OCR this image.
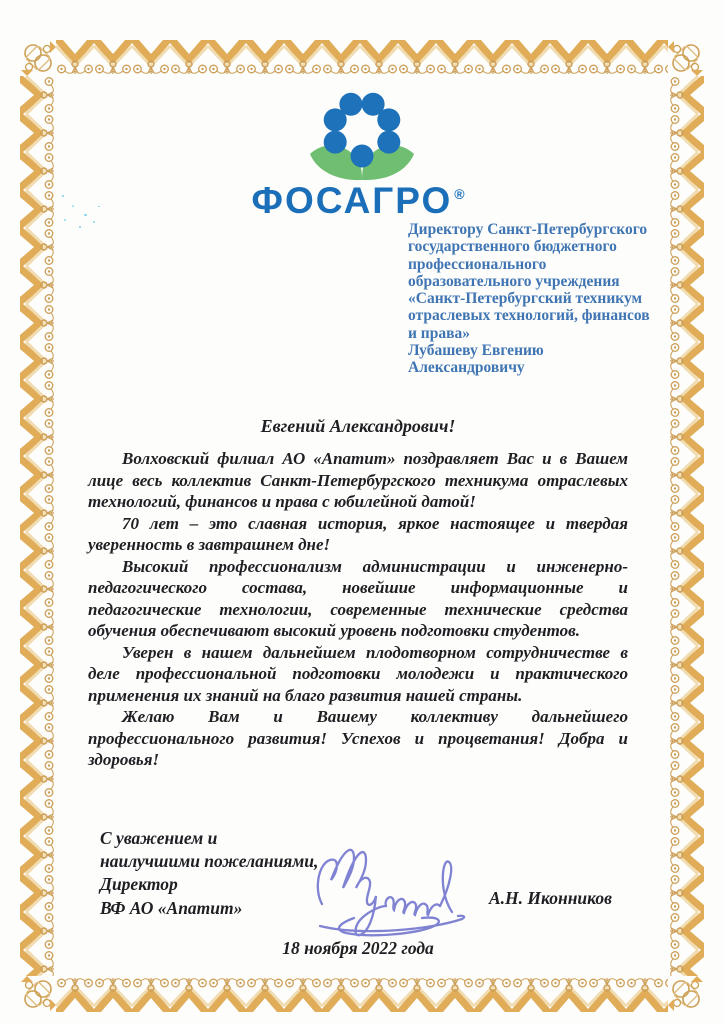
ФОСАГРО ®
Директору Санкт-Петербургского
государственного бюджетного
профессионального
образовательного учреждения
«Санкт-Петербургский техникум
отраслевых технологий, финансов
и права»
Лубашеву Евгению
Александровичу
Евгений Александрович!
Волховский филиал АО «Апатит» поздравляет Вас и в Вашем
лице весь коллектив Санкт-Петербургского техникума отраслевых
технологий, финансов и права с юбилейной датой!
70 лет – это славная история, яркое настоящее и твердая
уверенность в завтрашнем дне!
Высокий профессионализм администрации и инженерно-
педагогического состава, новейшие информационные и
педагогические технологии, современные технические средства
обучения обеспечивают высокий уровень подготовки студентов.
Уверен в нашем дальнейшем плодотворном сотрудничестве в
деле профессиональной подготовки молодежи и практического
применения их знаний на благо развития нашей страны.
Желаю Вам и Вашему коллективу дальнейшего
профессионального развития! Успехов и процветания! Добра и
здоровья!
С уважением и
наилучшими пожеланиями,
Директор
ВФ АО «Апатит»	А.Н. Иконников
18 ноября 2022 года
